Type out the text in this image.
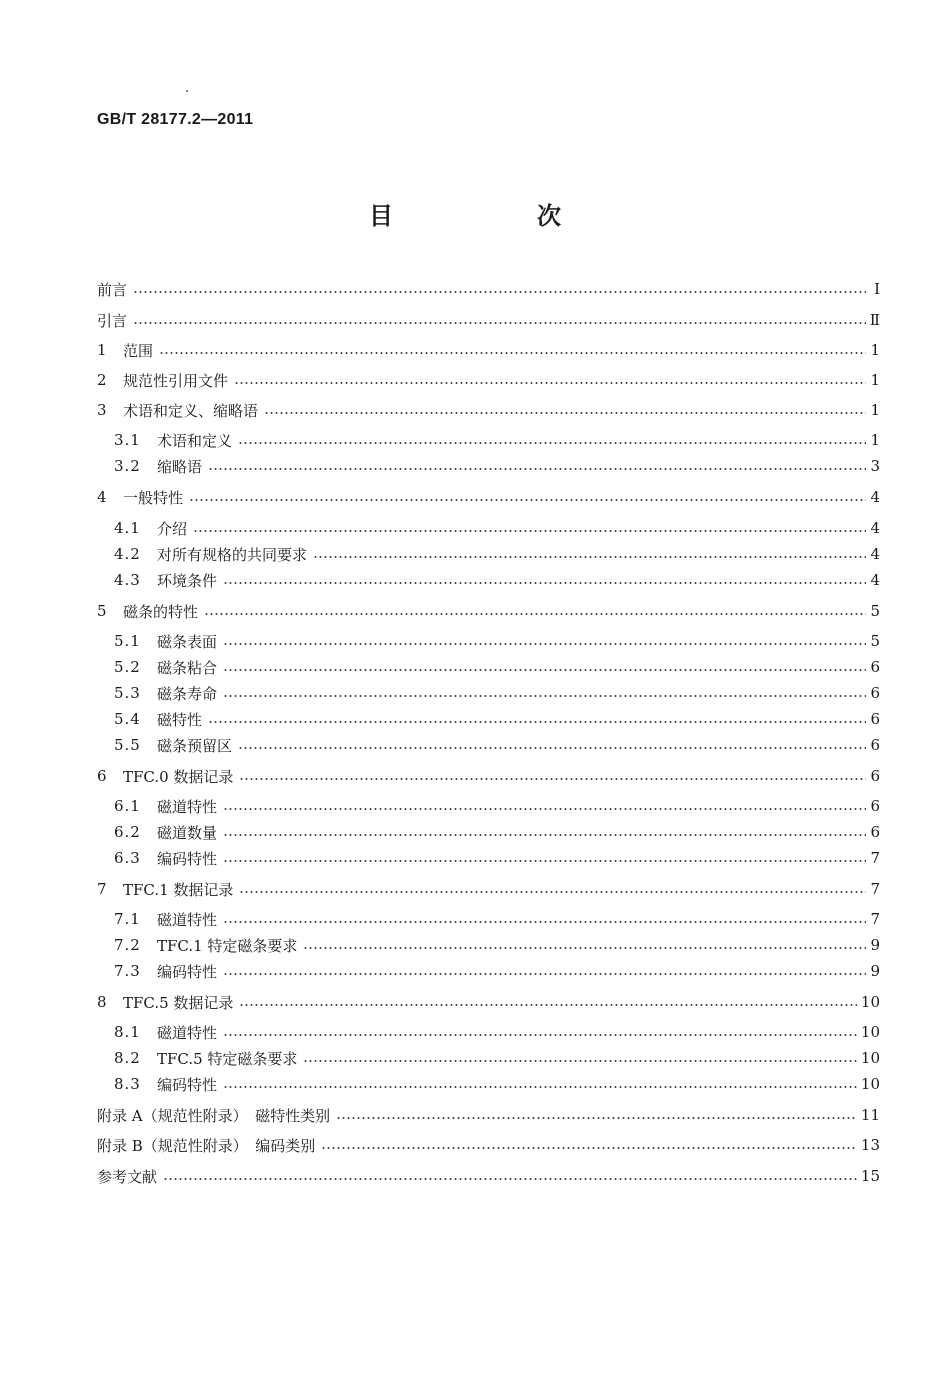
GB/T 28177.2—2011
目　次
前言	Ⅰ
引言	Ⅱ
1	范围	1
2	规范性引用文件	1
3	术语和定义、缩略语	1
3.1	术语和定义	1
3.2	缩略语	3
4	一般特性	4
4.1	介绍	4
4.2	对所有规格的共同要求	4
4.3	环境条件	4
5	磁条的特性	5
5.1	磁条表面	5
5.2	磁条粘合	6
5.3	磁条寿命	6
5.4	磁特性	6
5.5	磁条预留区	6
6	TFC.0 数据记录	6
6.1	磁道特性	6
6.2	磁道数量	6
6.3	编码特性	7
7	TFC.1 数据记录	7
7.1	磁道特性	7
7.2	TFC.1 特定磁条要求	9
7.3	编码特性	9
8	TFC.5 数据记录	10
8.1	磁道特性	10
8.2	TFC.5 特定磁条要求	10
8.3	编码特性	10
附录 A（规范性附录）　磁特性类别	11
附录 B（规范性附录）　编码类别	13
参考文献	15
